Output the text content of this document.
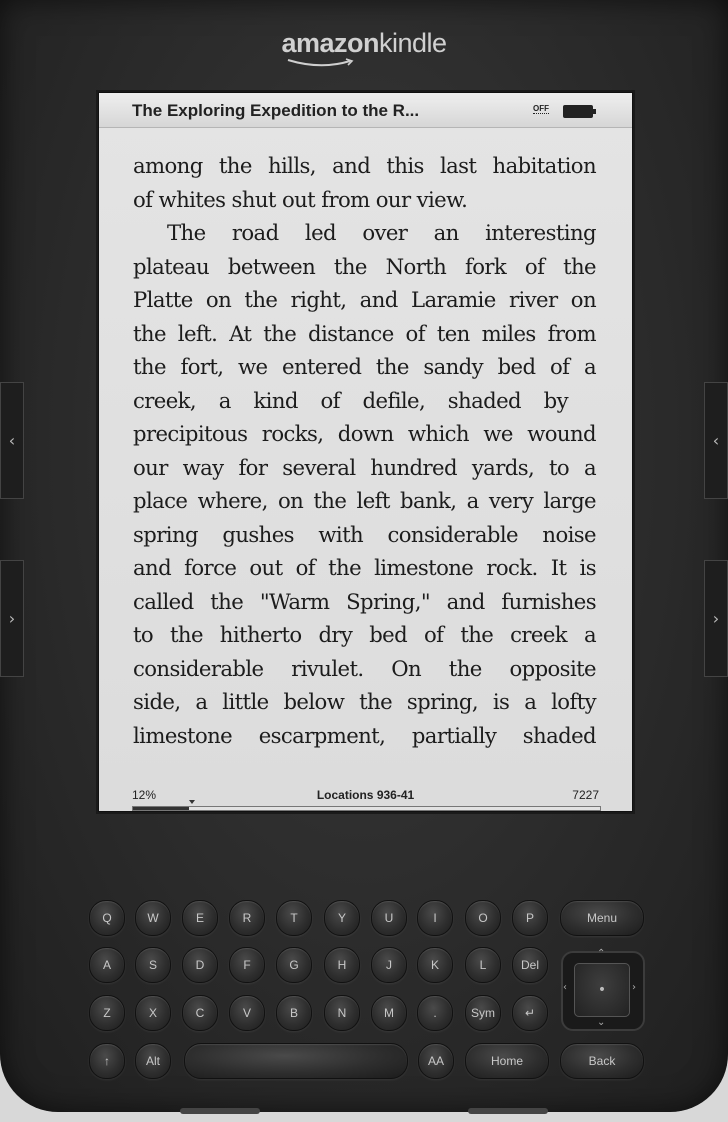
amazonkindle
‹
›
‹
›
The Exploring Expedition to the R...	OFF
among the hills, and this last habitation
of whites shut out from our view.
The road led over an interesting
plateau between the North fork of the
Platte on the right, and Laramie river on
the left. At the distance of ten miles from
the fort, we entered the sandy bed of a
creek, a kind of defile, shaded by
precipitous rocks, down which we wound
our way for several hundred yards, to a
place where, on the left bank, a very large
spring gushes with considerable noise
and force out of the limestone rock. It is
called the "Warm Spring," and furnishes
to the hitherto dry bed of the creek a
considerable rivulet. On the opposite
side, a little below the spring, is a lofty
limestone escarpment, partially shaded
12%	Locations 936-41	7227
Q	W	E	R	T	Y	U	I	O	P
A	S	D	F	G	H	J	K	L	Del
Z	X	C	V	B	N	M	.	Sym	↵
Menu
↑	Alt	AA	Home	Back
•
⌃
⌄
‹	›
